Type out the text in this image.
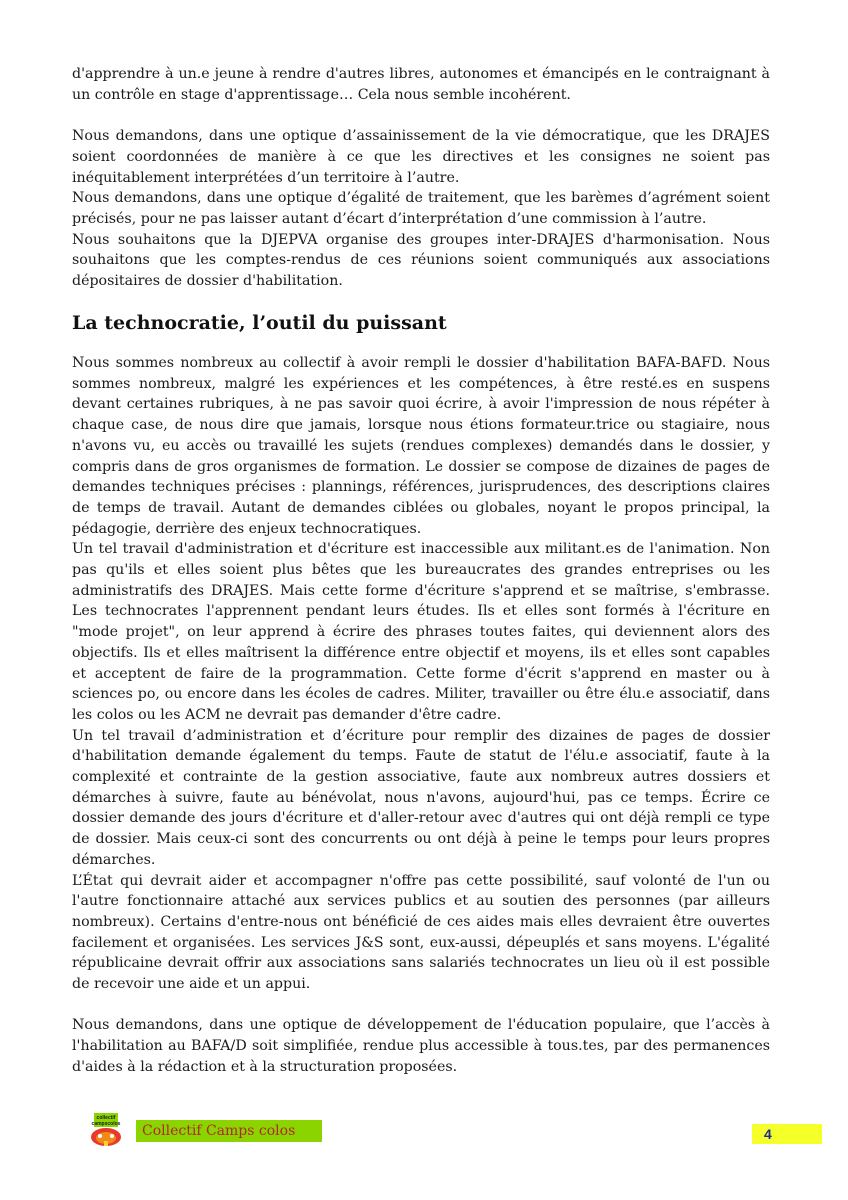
d'apprendre à un.e jeune à rendre d'autres libres, autonomes et émancipés en le contraignant à un contrôle en stage d'apprentissage… Cela nous semble incohérent.

Nous demandons, dans une optique d’assainissement de la vie démocratique, que les DRAJES soient coordonnées de manière à ce que les directives et les consignes ne soient pas inéquitablement interprétées d’un territoire à l’autre.

Nous demandons, dans une optique d’égalité de traitement, que les barèmes d’agrément soient précisés, pour ne pas laisser autant d’écart d’interprétation d’une commission à l’autre.

Nous souhaitons que la DJEPVA organise des groupes inter-DRAJES d'harmonisation. Nous souhaitons que les comptes-rendus de ces réunions soient communiqués aux associations dépositaires de dossier d'habilitation.

La technocratie, l’outil du puissant

Nous sommes nombreux au collectif à avoir rempli le dossier d'habilitation BAFA-BAFD. Nous sommes nombreux, malgré les expériences et les compétences, à être resté.es en suspens devant certaines rubriques, à ne pas savoir quoi écrire, à avoir l'impression de nous répéter à chaque case, de nous dire que jamais, lorsque nous étions formateur.trice ou stagiaire, nous n'avons vu, eu accès ou travaillé les sujets (rendues complexes) demandés dans le dossier, y compris dans de gros organismes de formation. Le dossier se compose de dizaines de pages de demandes techniques précises : plannings, références, jurisprudences, des descriptions claires de temps de travail. Autant de demandes ciblées ou globales, noyant le propos principal, la pédagogie, derrière des enjeux technocratiques.

Un tel travail d'administration et d'écriture est inaccessible aux militant.es de l'animation. Non pas qu'ils et elles soient plus bêtes que les bureaucrates des grandes entreprises ou les administratifs des DRAJES. Mais cette forme d'écriture s'apprend et se maîtrise, s'embrasse. Les technocrates l'apprennent pendant leurs études. Ils et elles sont formés à l'écriture en "mode projet", on leur apprend à écrire des phrases toutes faites, qui deviennent alors des objectifs. Ils et elles maîtrisent la différence entre objectif et moyens, ils et elles sont capables et acceptent de faire de la programmation. Cette forme d'écrit s'apprend en master ou à sciences po, ou encore dans les écoles de cadres. Militer, travailler ou être élu.e associatif, dans les colos ou les ACM ne devrait pas demander d'être cadre.

Un tel travail d’administration et d’écriture pour remplir des dizaines de pages de dossier d'habilitation demande également du temps. Faute de statut de l'élu.e associatif, faute à la complexité et contrainte de la gestion associative, faute aux nombreux autres dossiers et démarches à suivre, faute au bénévolat, nous n'avons, aujourd'hui, pas ce temps. Écrire ce dossier demande des jours d'écriture et d'aller-retour avec d'autres qui ont déjà rempli ce type de dossier. Mais ceux-ci sont des concurrents ou ont déjà à peine le temps pour leurs propres démarches.

L’État qui devrait aider et accompagner n'offre pas cette possibilité, sauf volonté de l'un ou l'autre fonctionnaire attaché aux services publics et au soutien des personnes (par ailleurs nombreux). Certains d'entre-nous ont bénéficié de ces aides mais elles devraient être ouvertes facilement et organisées. Les services J&S sont, eux-aussi, dépeuplés et sans moyens. L'égalité républicaine devrait offrir aux associations sans salariés technocrates un lieu où il est possible de recevoir une aide et un appui.

Nous demandons, dans une optique de développement de l'éducation populaire, que l’accès à l'habilitation au BAFA/D soit simplifiée, rendue plus accessible à tous.tes, par des permanences d'aides à la rédaction et à la structuration proposées.

collectif
campscolos	Collectif Camps colos	4
